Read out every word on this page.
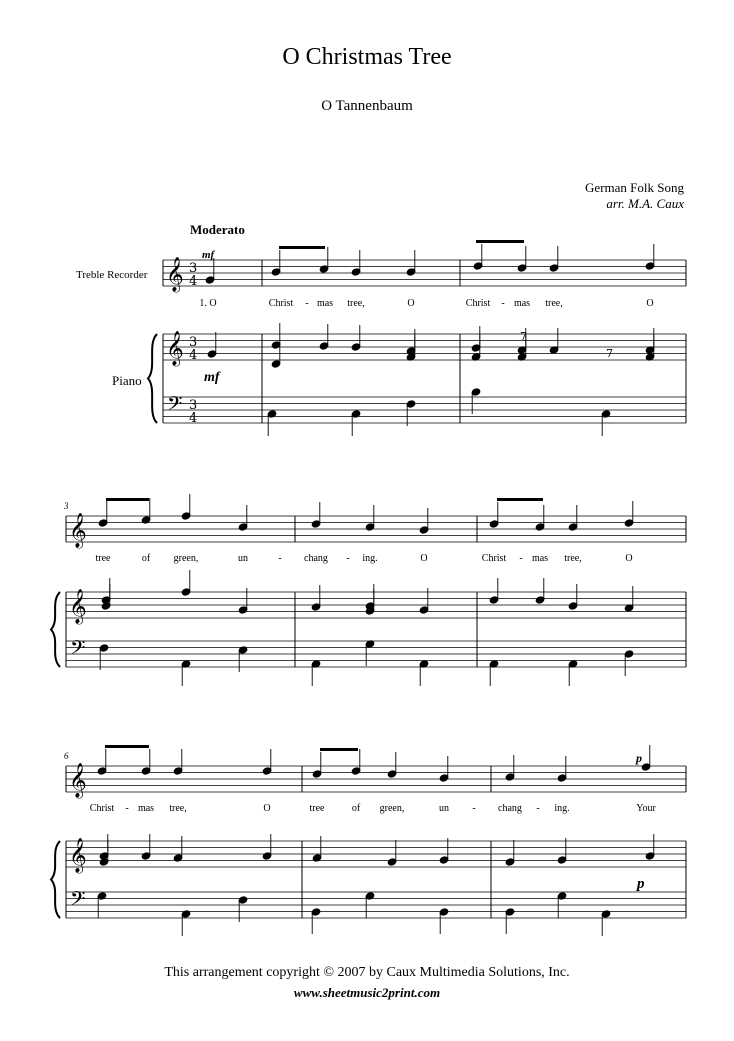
O Christmas Tree
O Tannenbaum
German Folk Song
arr. M.A. Caux
Moderato
Treble Recorder
Piano
mf
mf
p
p
3
6
1. O	Christ - mas tree,	O	Christ - mas tree,	O
tree	of green,	un	- chang - ing.	O	Christ - mas tree,	O
Christ - mas tree,	O	tree	of green,	un - chang - ing.	Your
This arrangement copyright © 2007 by Caux Multimedia Solutions, Inc.
www.sheetmusic2print.com
𝄞
𝄞
𝄢
3
4
3
4
3
4
𝄞
𝄞
𝄢
𝄞
𝄞
𝄢
7
7
